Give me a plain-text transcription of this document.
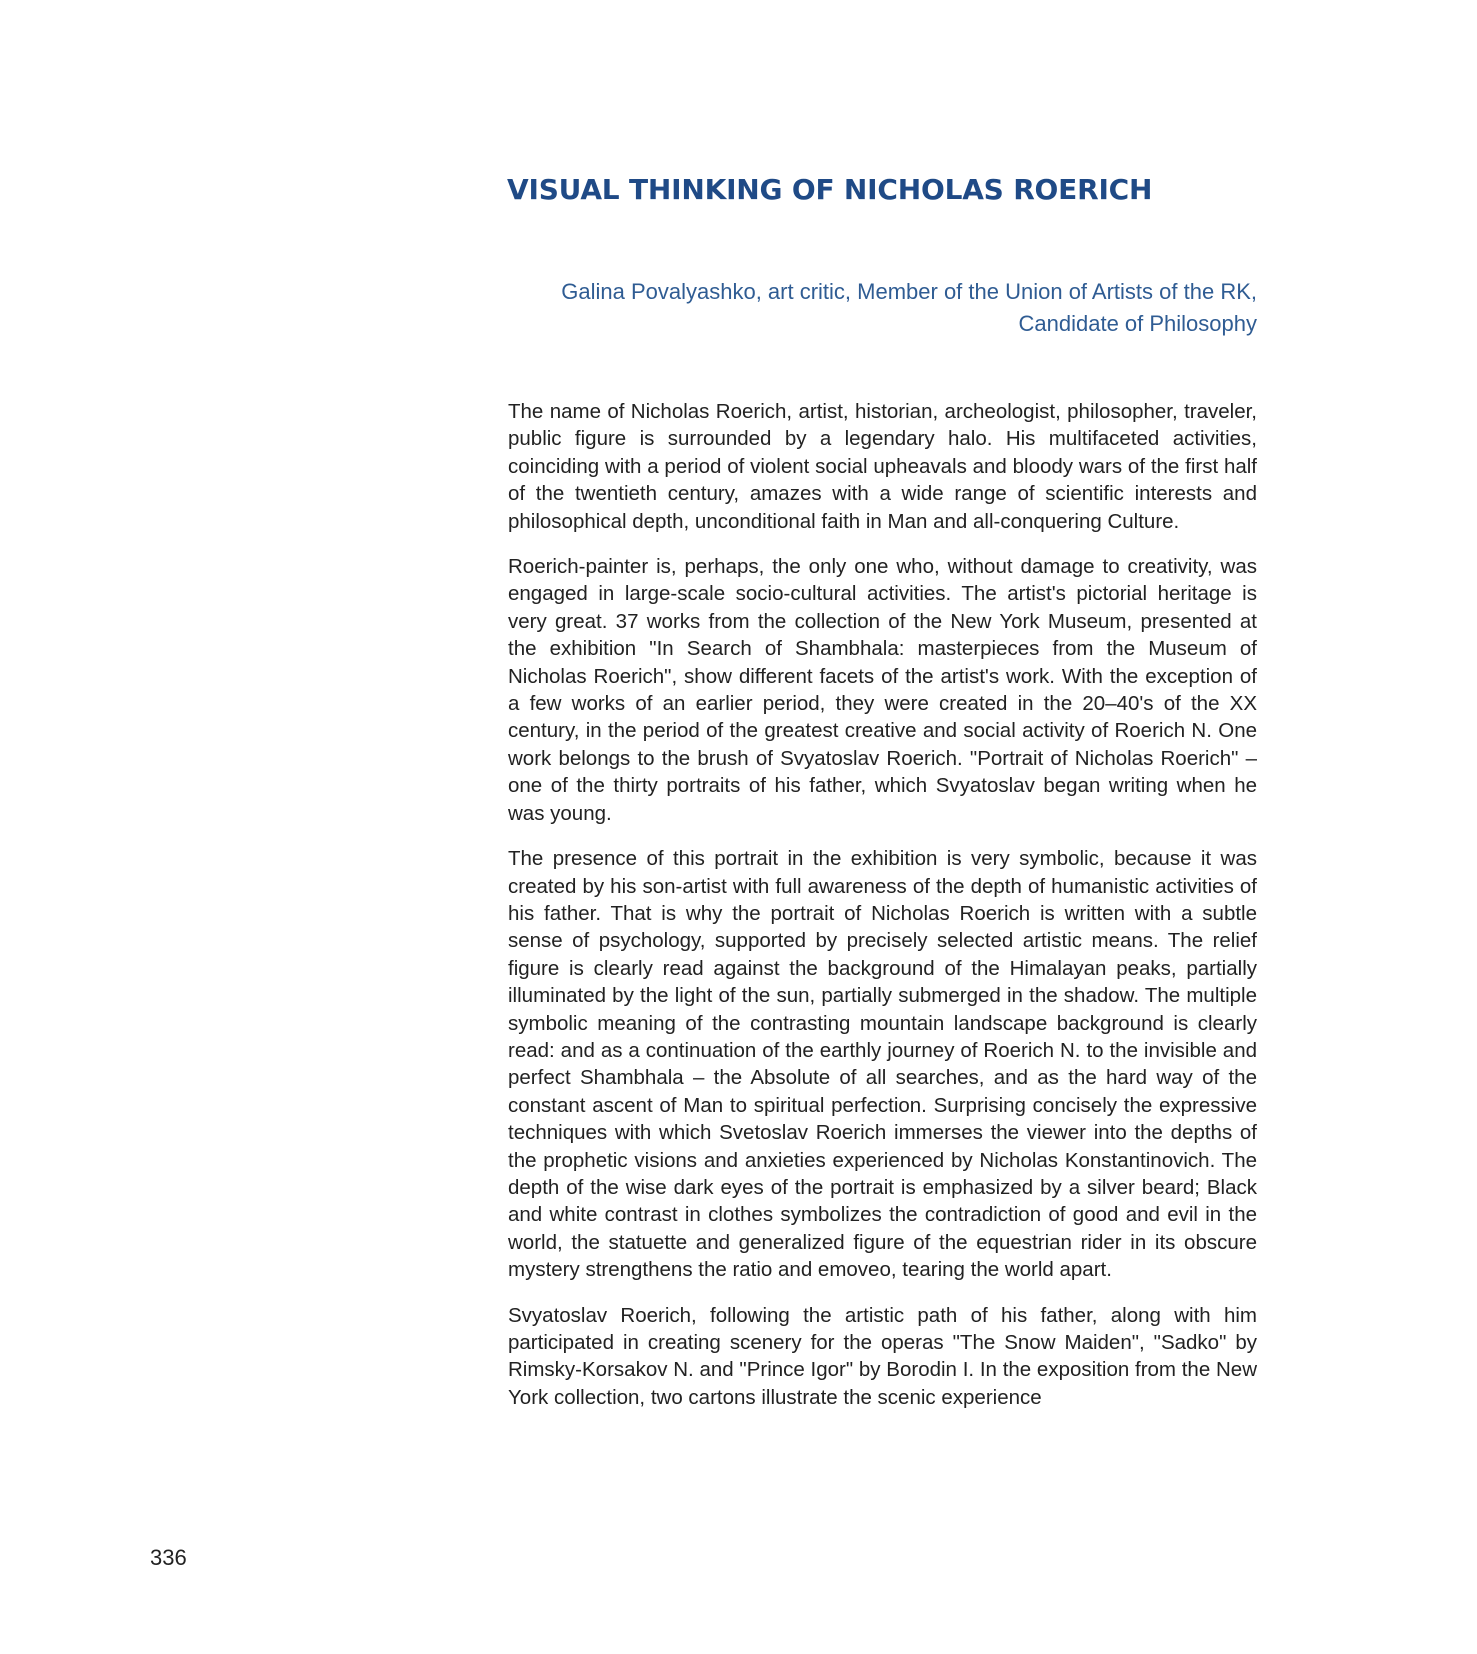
VISUAL THINKING OF NICHOLAS ROERICH
Galina Povalyashko, art critic, Member of the Union of Artists of the RK,
Candidate of Philosophy

The name of Nicholas Roerich, artist, historian, archeologist, philosopher, traveler, public figure is surrounded by a legendary halo. His multifaceted activities, coinciding with a period of violent social upheavals and bloody wars of the first half of the twentieth century, amazes with a wide range of scientific interests and philosophical depth, unconditional faith in Man and all-conquering Culture.

Roerich-painter is, perhaps, the only one who, without damage to creativity, was engaged in large-scale socio-cultural activities. The artist's pictorial heritage is very great. 37 works from the collection of the New York Museum, presented at the exhibition "In Search of Shambhala: masterpieces from the Museum of Nicholas Roerich", show different facets of the artist's work. With the exception of a few works of an earlier period, they were created in the 20–40's of the XX century, in the period of the greatest creative and social activity of Roerich N. One work belongs to the brush of Svyatoslav Roerich. "Portrait of Nicholas Roerich" – one of the thirty portraits of his father, which Svyatoslav began writing when he was young.

The presence of this portrait in the exhibition is very symbolic, because it was created by his son-artist with full awareness of the depth of humanistic activities of his father. That is why the portrait of Nicholas Roerich is written with a subtle sense of psychology, supported by precisely selected artistic means. The relief figure is clearly read against the background of the Himalayan peaks, partially illuminated by the light of the sun, partially submerged in the shadow. The multiple symbolic meaning of the contrasting mountain landscape background is clearly read: and as a continuation of the earthly journey of Roerich N. to the invisible and perfect Shambhala – the Absolute of all searches, and as the hard way of the constant ascent of Man to spiritual perfection. Surprising concisely the expressive techniques with which Svetoslav Roerich immerses the viewer into the depths of the prophetic visions and anxieties experienced by Nicholas Konstantinovich. The depth of the wise dark eyes of the portrait is emphasized by a silver beard; Black and white contrast in clothes symbolizes the contradiction of good and evil in the world, the statuette and generalized figure of the equestrian rider in its obscure mystery strengthens the ratio and emoveo, tearing the world apart.

Svyatoslav Roerich, following the artistic path of his father, along with him participated in creating scenery for the operas "The Snow Maiden", "Sadko" by Rimsky-Korsakov N. and "Prince Igor" by Borodin I. In the exposition from the New York collection, two cartons illustrate the scenic experience

336
